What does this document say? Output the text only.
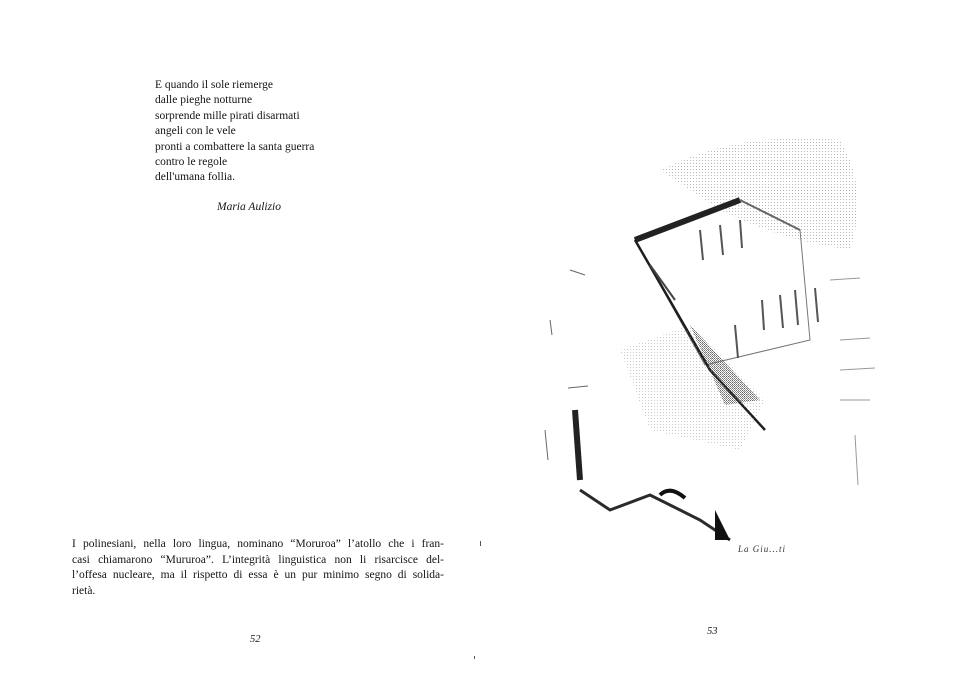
E quando il sole riemerge
dalle pieghe notturne
sorprende mille pirati disarmati
angeli con le vele
pronti a combattere la santa guerra
contro le regole
dell'umana follia.
Maria Aulizio
I polinesiani, nella loro lingua, nominano “Moruroa” l’atollo che i fran-
casi chiamarono “Mururoa”. L’integrità linguistica non li risarcisce del-
l’offesa nucleare, ma il rispetto di essa è un pur minimo segno di solida-
rietà.
52
La Giu...ti
53
